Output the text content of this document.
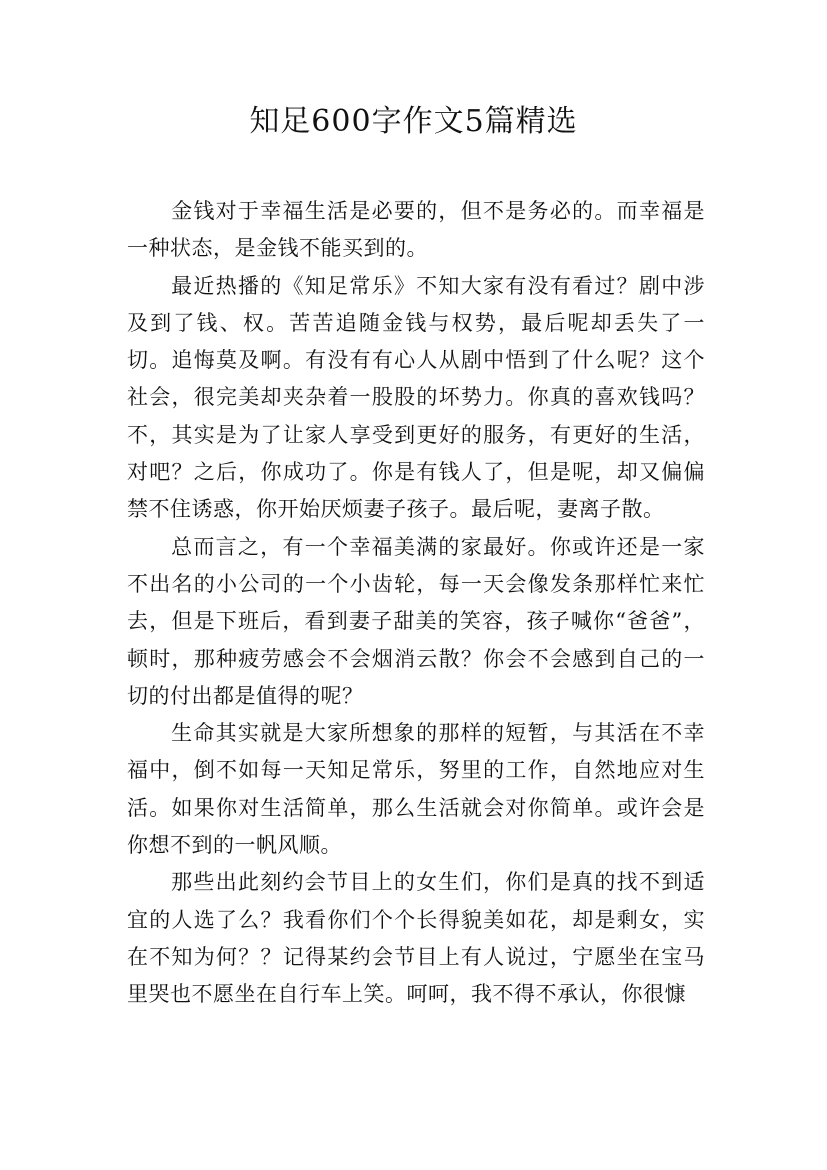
知足600字作文5篇精选

金钱对于幸福生活是必要的，但不是务必的。而幸福是一种状态，是金钱不能买到的。

最近热播的《知足常乐》不知大家有没有看过？剧中涉及到了钱、权。苦苦追随金钱与权势，最后呢却丢失了一切。追悔莫及啊。有没有有心人从剧中悟到了什么呢？这个社会，很完美却夹杂着一股股的坏势力。你真的喜欢钱吗？不，其实是为了让家人享受到更好的服务，有更好的生活，对吧？之后，你成功了。你是有钱人了，但是呢，却又偏偏禁不住诱惑，你开始厌烦妻子孩子。最后呢，妻离子散。

总而言之，有一个幸福美满的家最好。你或许还是一家不出名的小公司的一个小齿轮，每一天会像发条那样忙来忙去，但是下班后，看到妻子甜美的笑容，孩子喊你“爸爸”，顿时，那种疲劳感会不会烟消云散？你会不会感到自己的一切的付出都是值得的呢？

生命其实就是大家所想象的那样的短暂，与其活在不幸福中，倒不如每一天知足常乐，努里的工作，自然地应对生活。如果你对生活简单，那么生活就会对你简单。或许会是你想不到的一帆风顺。

那些出此刻约会节目上的女生们，你们是真的找不到适宜的人选了么？我看你们个个长得貌美如花，却是剩女，实在不知为何？？记得某约会节目上有人说过，宁愿坐在宝马里哭也不愿坐在自行车上笑。呵呵，我不得不承认，你很慷
